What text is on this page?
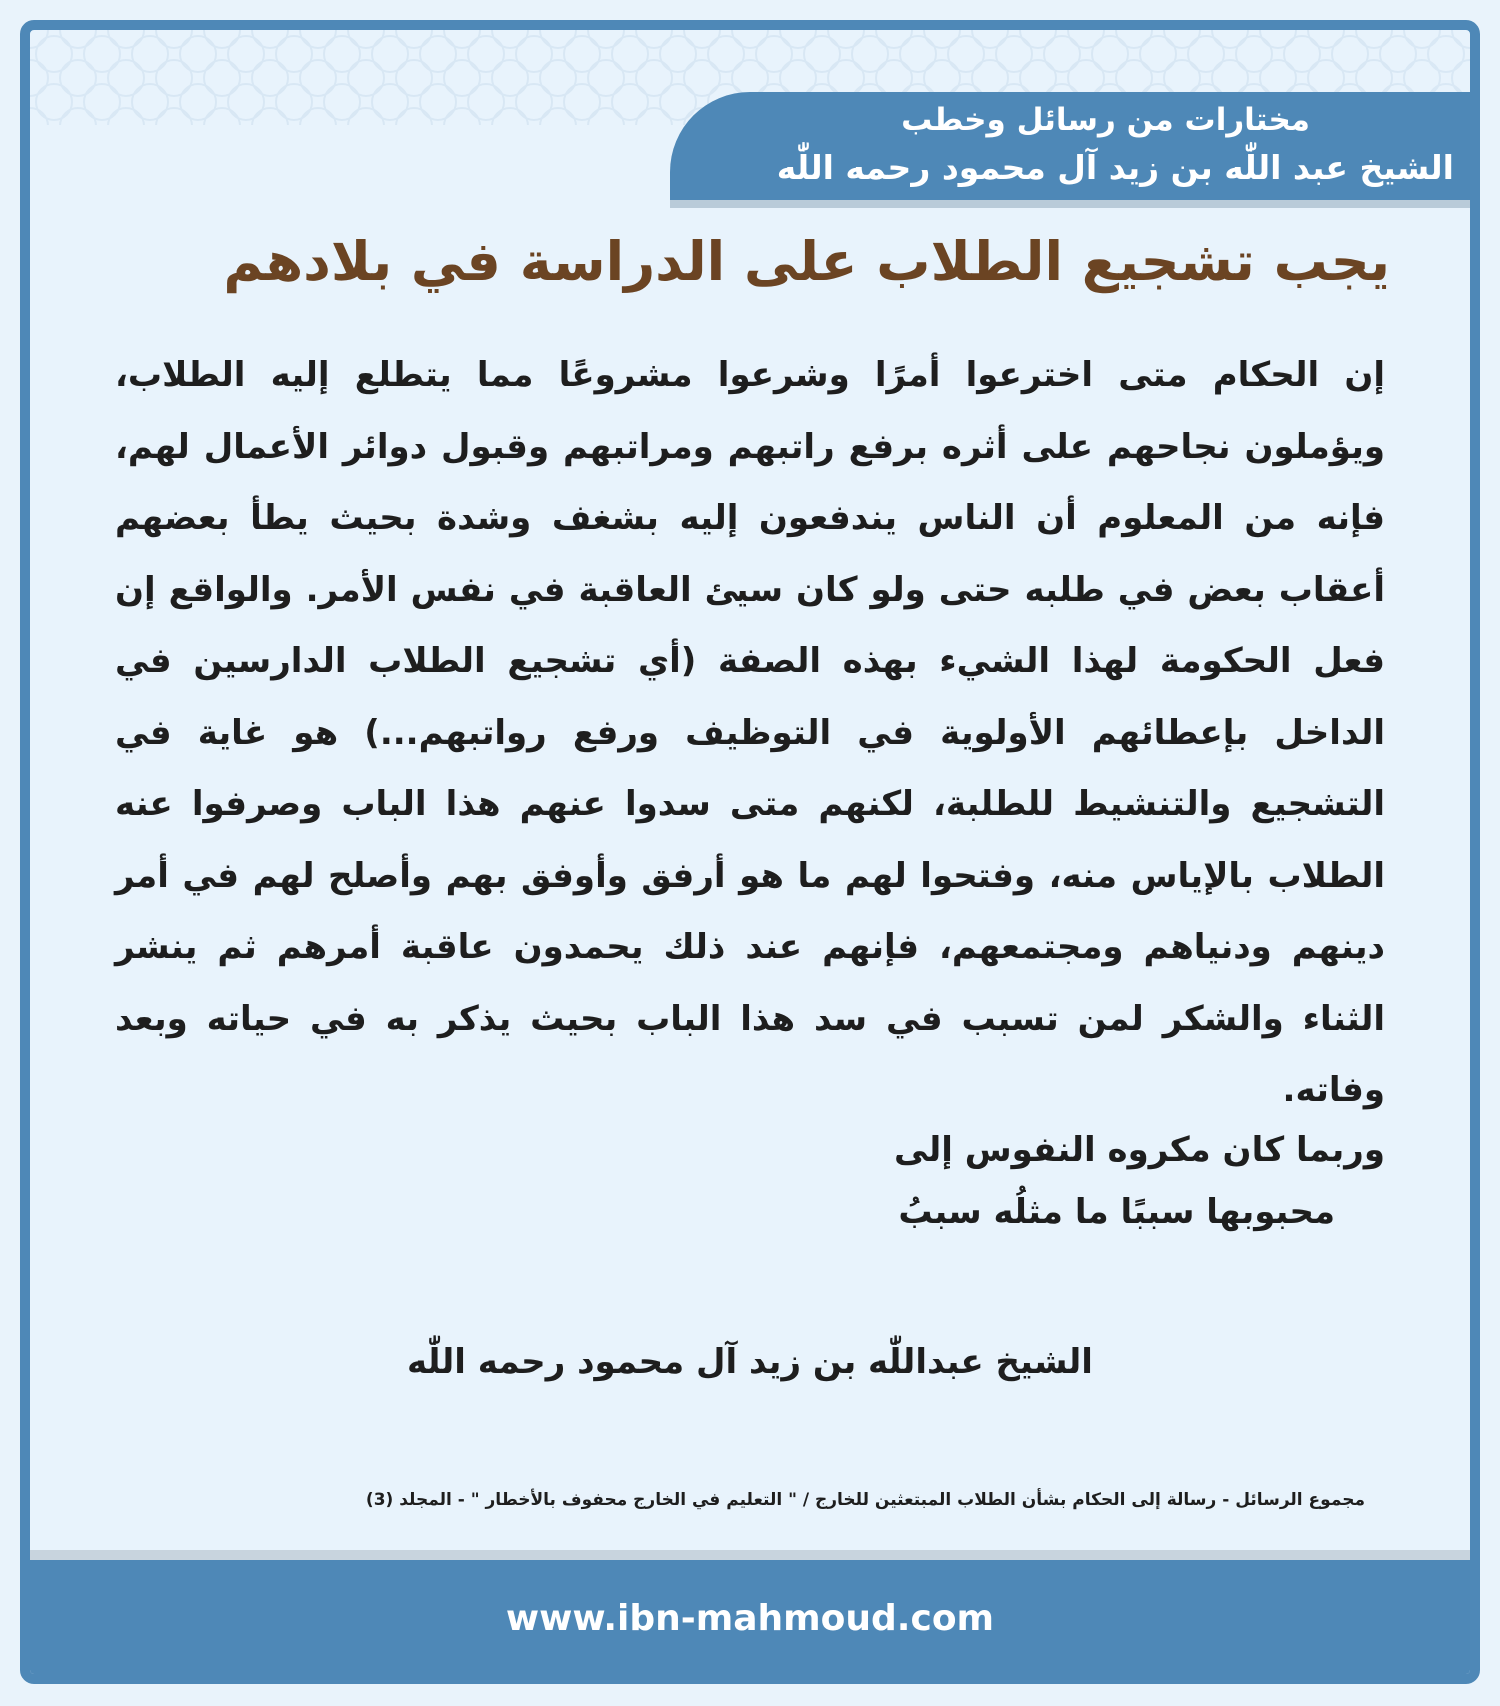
مختارات من رسائل وخطب
الشيخ عبد اللّٰه بن زيد آل محمود رحمه اللّٰه
يجب تشجيع الطلاب على الدراسة في بلادهم
إن الحكام متى اخترعوا أمرًا وشرعوا مشروعًا مما يتطلع إليه الطلاب، ويؤملون نجاحهم على أثره برفع راتبهم ومراتبهم وقبول دوائر الأعمال لهم، فإنه من المعلوم أن الناس يندفعون إليه بشغف وشدة بحيث يطأ بعضهم أعقاب بعض في طلبه حتى ولو كان سيئ العاقبة في نفس الأمر. والواقع إن فعل الحكومة لهذا الشيء بهذه الصفة (أي تشجيع الطلاب الدارسين في الداخل بإعطائهم الأولوية في التوظيف ورفع رواتبهم...) هو غاية في التشجيع والتنشيط للطلبة، لكنهم متى سدوا عنهم هذا الباب وصرفوا عنه الطلاب بالإياس منه، وفتحوا لهم ما هو أرفق وأوفق بهم وأصلح لهم في أمر دينهم ودنياهم ومجتمعهم، فإنهم عند ذلك يحمدون عاقبة أمرهم ثم ينشر الثناء والشكر لمن تسبب في سد هذا الباب بحيث يذكر به في حياته وبعد وفاته.
وربما كان مكروه النفوس إلى
محبوبها سببًا ما مثلُه سببُ
الشيخ عبداللّٰه بن زيد آل محمود رحمه اللّٰه
مجموع الرسائل - رسالة إلى الحكام بشأن الطلاب المبتعثين للخارج / " التعليم في الخارج محفوف بالأخطار " - المجلد (3)
www.ibn-mahmoud.com
